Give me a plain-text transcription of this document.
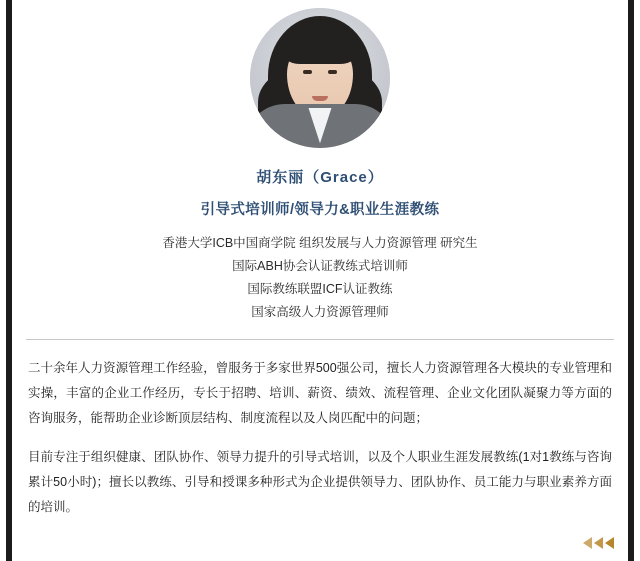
胡东丽（Grace）
引导式培训师/领导力&职业生涯教练
香港大学ICB中国商学院 组织发展与人力资源管理 研究生
国际ABH协会认证教练式培训师
国际教练联盟ICF认证教练
国家高级人力资源管理师

二十余年人力资源管理工作经验，曾服务于多家世界500强公司，擅长人力资源管理各大模块的专业管理和实操，丰富的企业工作经历，专长于招聘、培训、薪资、绩效、流程管理、企业文化团队凝聚力等方面的咨询服务，能帮助企业诊断顶层结构、制度流程以及人岗匹配中的问题；

目前专注于组织健康、团队协作、领导力提升的引导式培训，以及个人职业生涯发展教练(1对1教练与咨询累计50小时)；擅长以教练、引导和授课多种形式为企业提供领导力、团队协作、员工能力与职业素养方面的培训。
